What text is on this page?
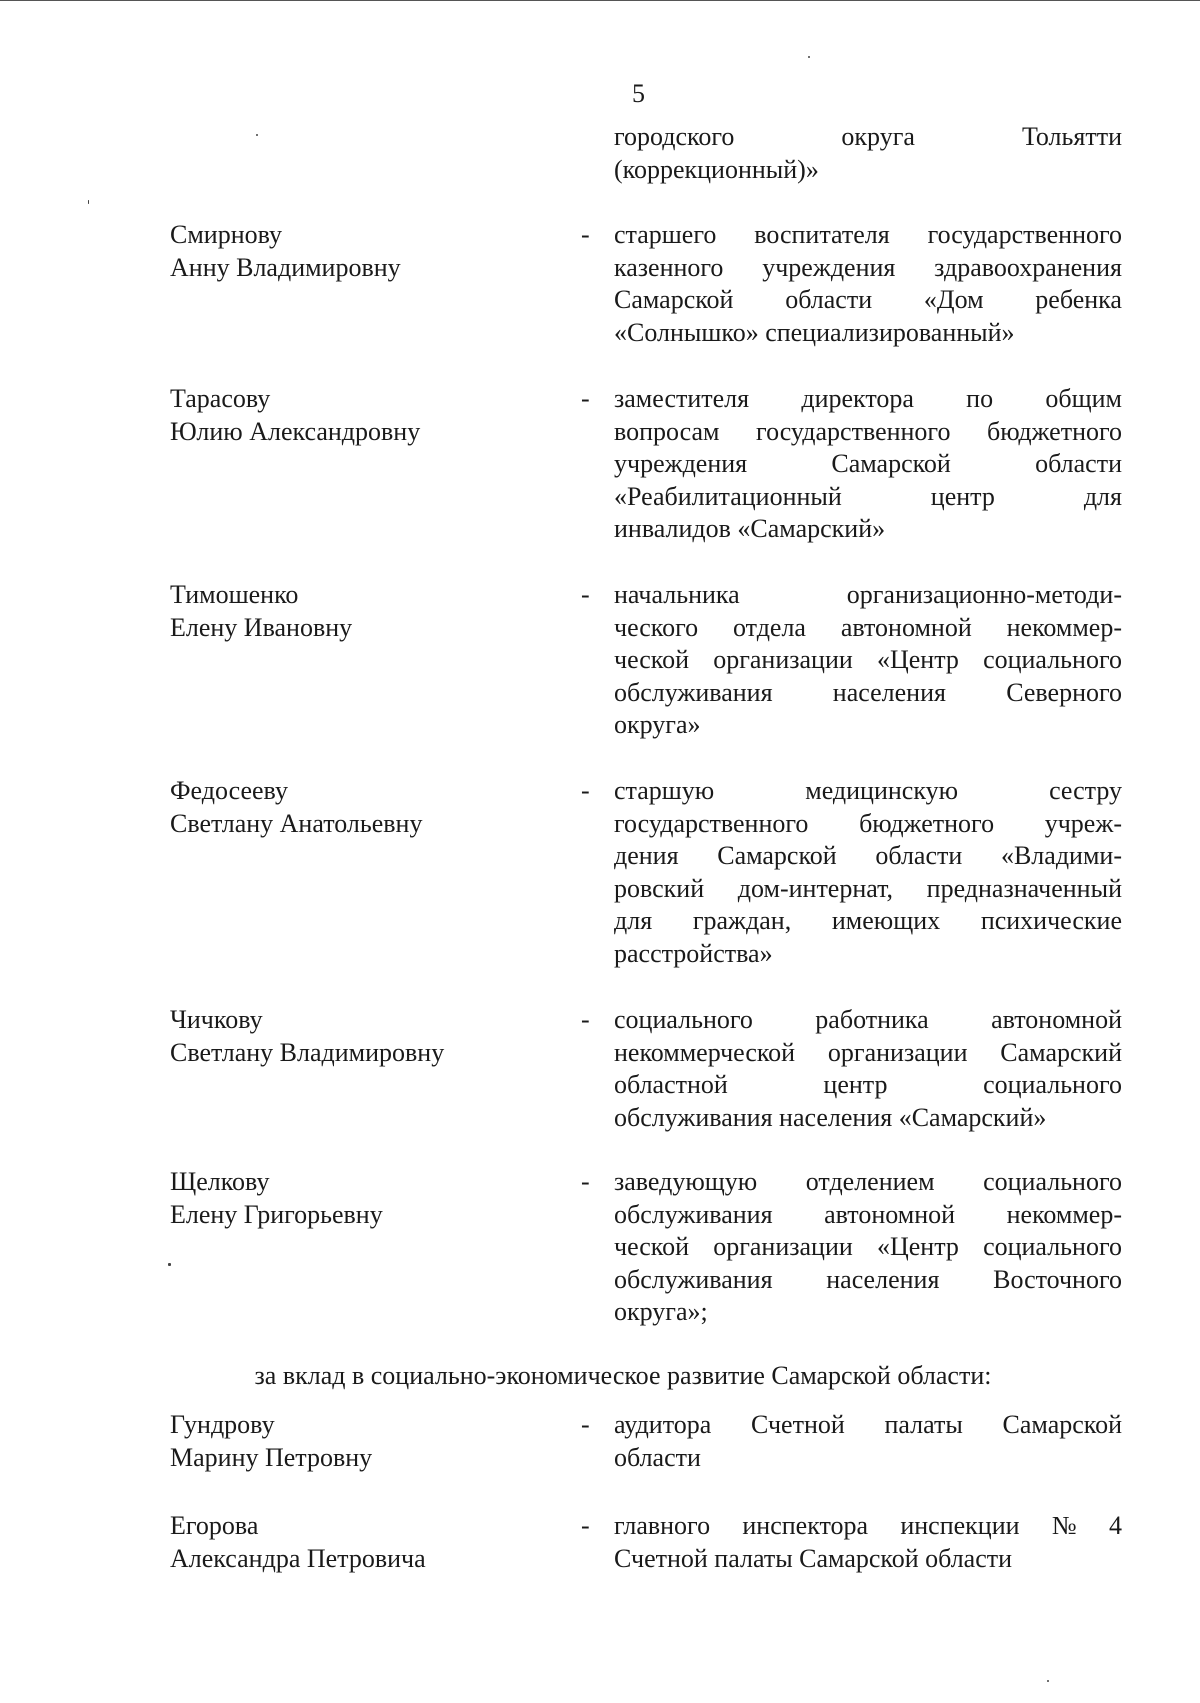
5
городского	округа	Тольятти
(коррекционный)»
Смирнову
Анну Владимировну
- старшего воспитателя государственного
казенного учреждения здравоохранения
Самарской области «Дом ребенка
«Солнышко» специализированный»
Тарасову
Юлию Александровну
- заместителя директора по общим
вопросам государственного бюджетного
учреждения	Самарской	области
«Реабилитационный	центр	для
инвалидов «Самарский»
Тимошенко
Елену Ивановну
- начальника	организационно-методи-
ческого отдела автономной некоммер-
ческой организации «Центр социального
обслуживания населения Северного
округа»
Федосееву
Светлану Анатольевну
- старшую	медицинскую	сестру
государственного бюджетного учреж-
дения Самарской области «Владими-
ровский дом-интернат, предназначенный
для граждан, имеющих психические
расстройства»
Чичкову
Светлану Владимировну
- социального работника автономной
некоммерческой организации Самарский
областной	центр	социального
обслуживания населения «Самарский»
Щелкову
Елену Григорьевну
- заведующую отделением социального
обслуживания автономной некоммер-
ческой организации «Центр социального
обслуживания населения Восточного
округа»;
за вклад в социально-экономическое развитие Самарской области:
Гундрову
Марину Петровну
- аудитора Счетной палаты Самарской
области
Егорова
Александра Петровича
- главного инспектора инспекции № 4
Счетной палаты Самарской области
